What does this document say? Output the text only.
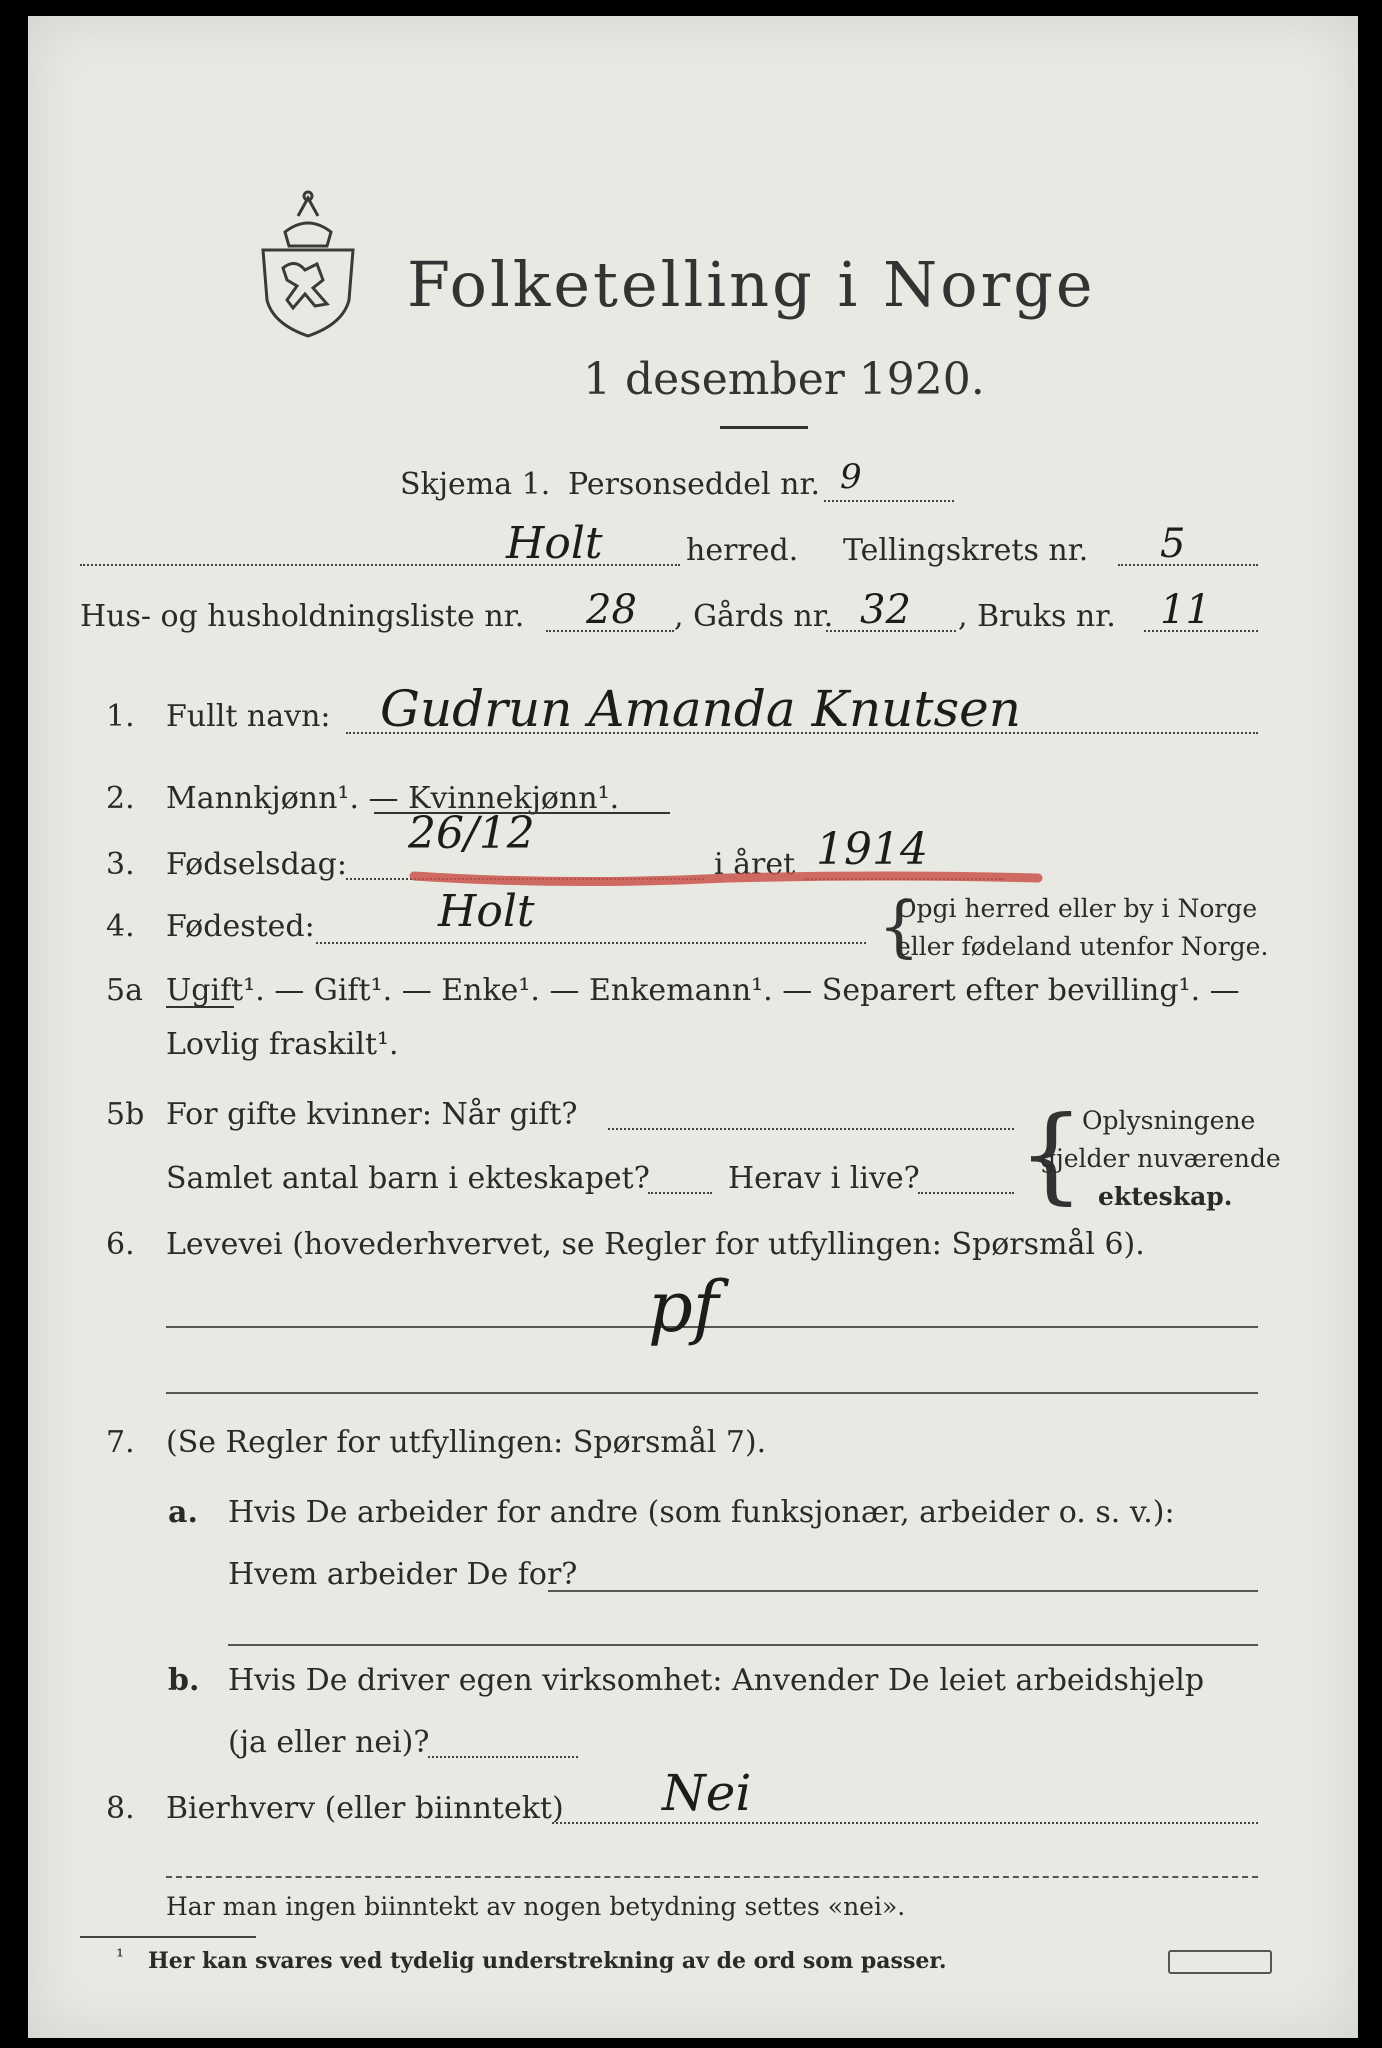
Folketelling i Norge
1 desember 1920.
Skjema 1. Personseddel nr. 9
Holt	herred. Tellingskrets nr. 5
Hus- og husholdningsliste nr. 28 , Gårds nr. 32 , Bruks nr. 11
1. Fullt navn: Gudrun Amanda Knutsen
2. Mannkjønn¹. — Kvinnekjønn¹.
3. Fødselsdag:
26/12
i året 1914
4. Fødested:	Holt	{
Opgi herred eller by i Norge
eller fødeland utenfor Norge.
5a Ugift¹. — Gift¹. — Enke¹. — Enkemann¹. — Separert efter bevilling¹. —
Lovlig fraskilt¹.
5b For gifte kvinner: Når gift?
Samlet antal barn i ekteskapet?	Herav i live? {
Oplysningene
gjelder nuværende
ekteskap.
6. Levevei (hovederhvervet, se Regler for utfyllingen: Spørsmål 6).
pf
7. (Se Regler for utfyllingen: Spørsmål 7).
a. Hvis De arbeider for andre (som funksjonær, arbeider o. s. v.):
Hvem arbeider De for?
b. Hvis De driver egen virksomhet: Anvender De leiet arbeidshjelp
(ja eller nei)?
8. Bierhverv (eller biinntekt) Nei
Har man ingen biinntekt av nogen betydning settes «nei».
¹ Her kan svares ved tydelig understrekning av de ord som passer.
